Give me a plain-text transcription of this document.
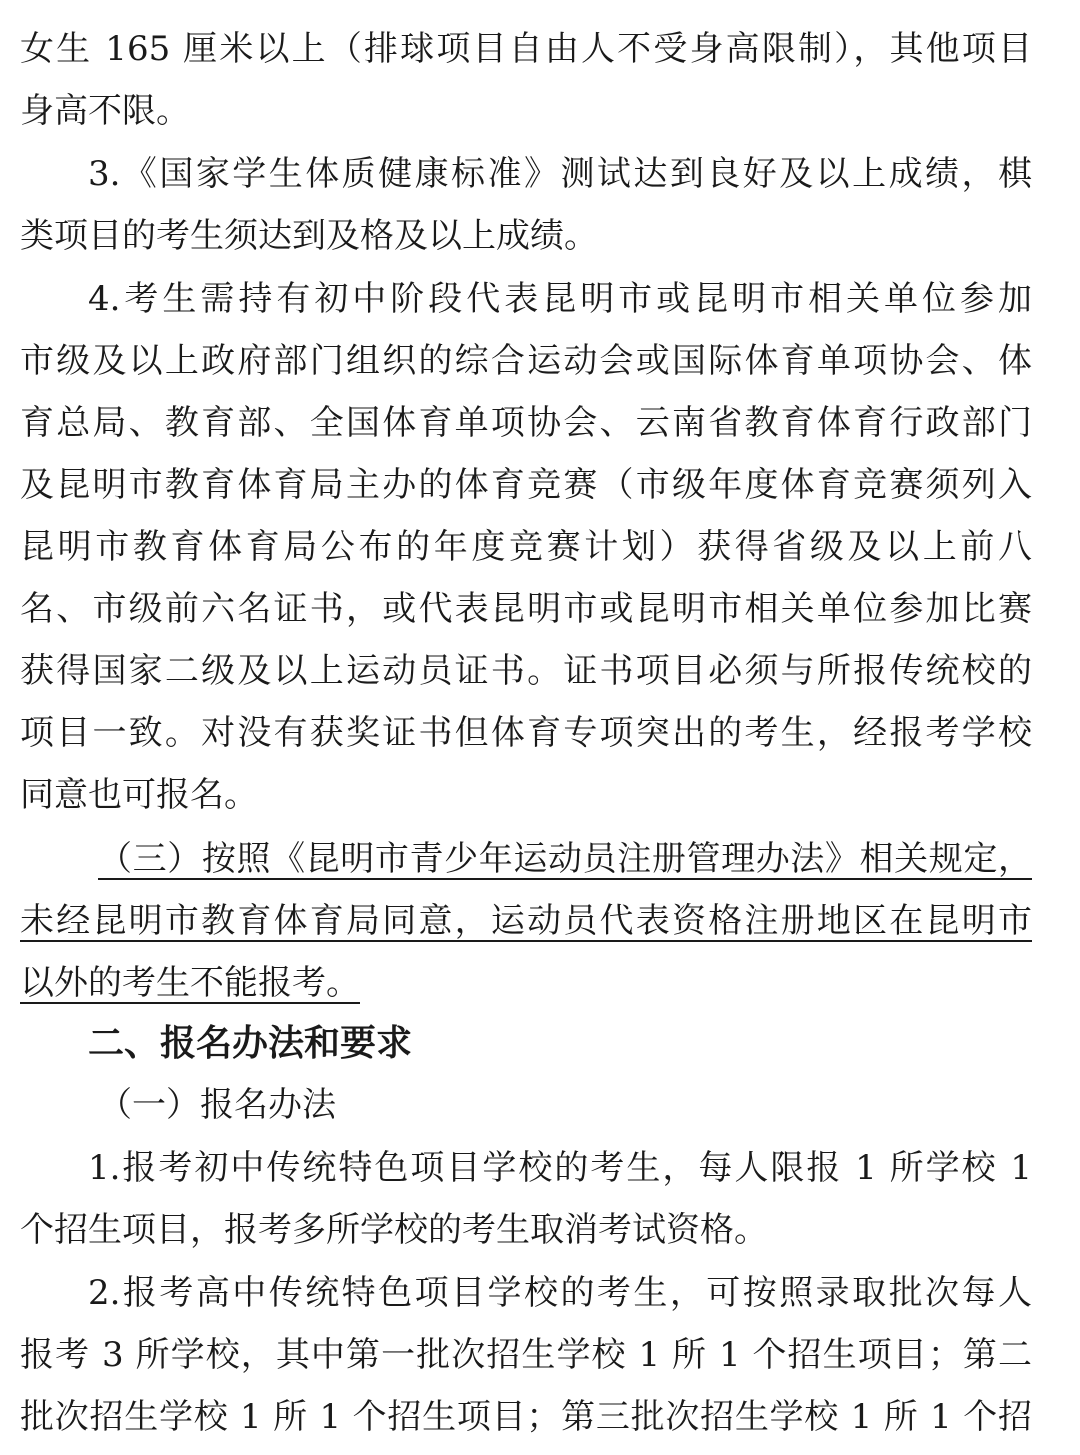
女生 165 厘米以上（排球项目自由人不受身高限制），其他项目
身高不限。
3.《国家学生体质健康标准》测试达到良好及以上成绩，棋
类项目的考生须达到及格及以上成绩。
4.考生需持有初中阶段代表昆明市或昆明市相关单位参加
市级及以上政府部门组织的综合运动会或国际体育单项协会、体
育总局、教育部、全国体育单项协会、云南省教育体育行政部门
及昆明市教育体育局主办的体育竞赛（市级年度体育竞赛须列入
昆明市教育体育局公布的年度竞赛计划）获得省级及以上前八
名、市级前六名证书，或代表昆明市或昆明市相关单位参加比赛
获得国家二级及以上运动员证书。证书项目必须与所报传统校的
项目一致。对没有获奖证书但体育专项突出的考生，经报考学校
同意也可报名。
（三）按照《昆明市青少年运动员注册管理办法》相关规定，
未经昆明市教育体育局同意，运动员代表资格注册地区在昆明市
以外的考生不能报考。
二、报名办法和要求
（一）报名办法
1.报考初中传统特色项目学校的考生，每人限报 1 所学校 1
个招生项目，报考多所学校的考生取消考试资格。
2.报考高中传统特色项目学校的考生，可按照录取批次每人
报考 3 所学校，其中第一批次招生学校 1 所 1 个招生项目；第二
批次招生学校 1 所 1 个招生项目；第三批次招生学校 1 所 1 个招
